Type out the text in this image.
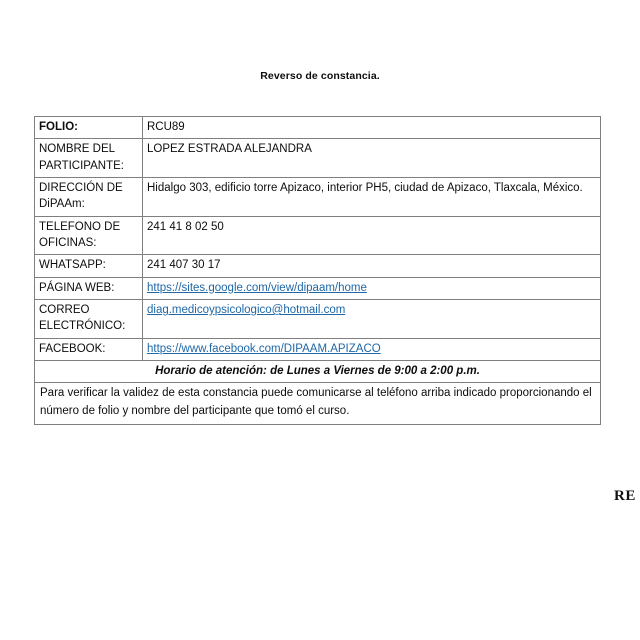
Reverso de constancia.
FOLIO:	RCU89
NOMBRE DEL PARTICIPANTE:	LOPEZ ESTRADA ALEJANDRA
DIRECCIÓN DE DiPAAm:	Hidalgo 303, edificio torre Apizaco, interior PH5, ciudad de Apizaco, Tlaxcala, México.
TELEFONO DE OFICINAS:	241 41 8 02 50
WHATSAPP:	241 407 30 17
PÁGINA WEB:	https://sites.google.com/view/dipaam/home
CORREO ELECTRÓNICO:	diag.medicoypsicologico@hotmail.com
FACEBOOK:	https://www.facebook.com/DIPAAM.APIZACO
Horario de atención: de Lunes a Viernes de 9:00 a 2:00 p.m.	
Para verificar la validez de esta constancia puede comunicarse al teléfono arriba indicado proporcionando el número de folio y nombre del participante que tomó el curso.	
RE
